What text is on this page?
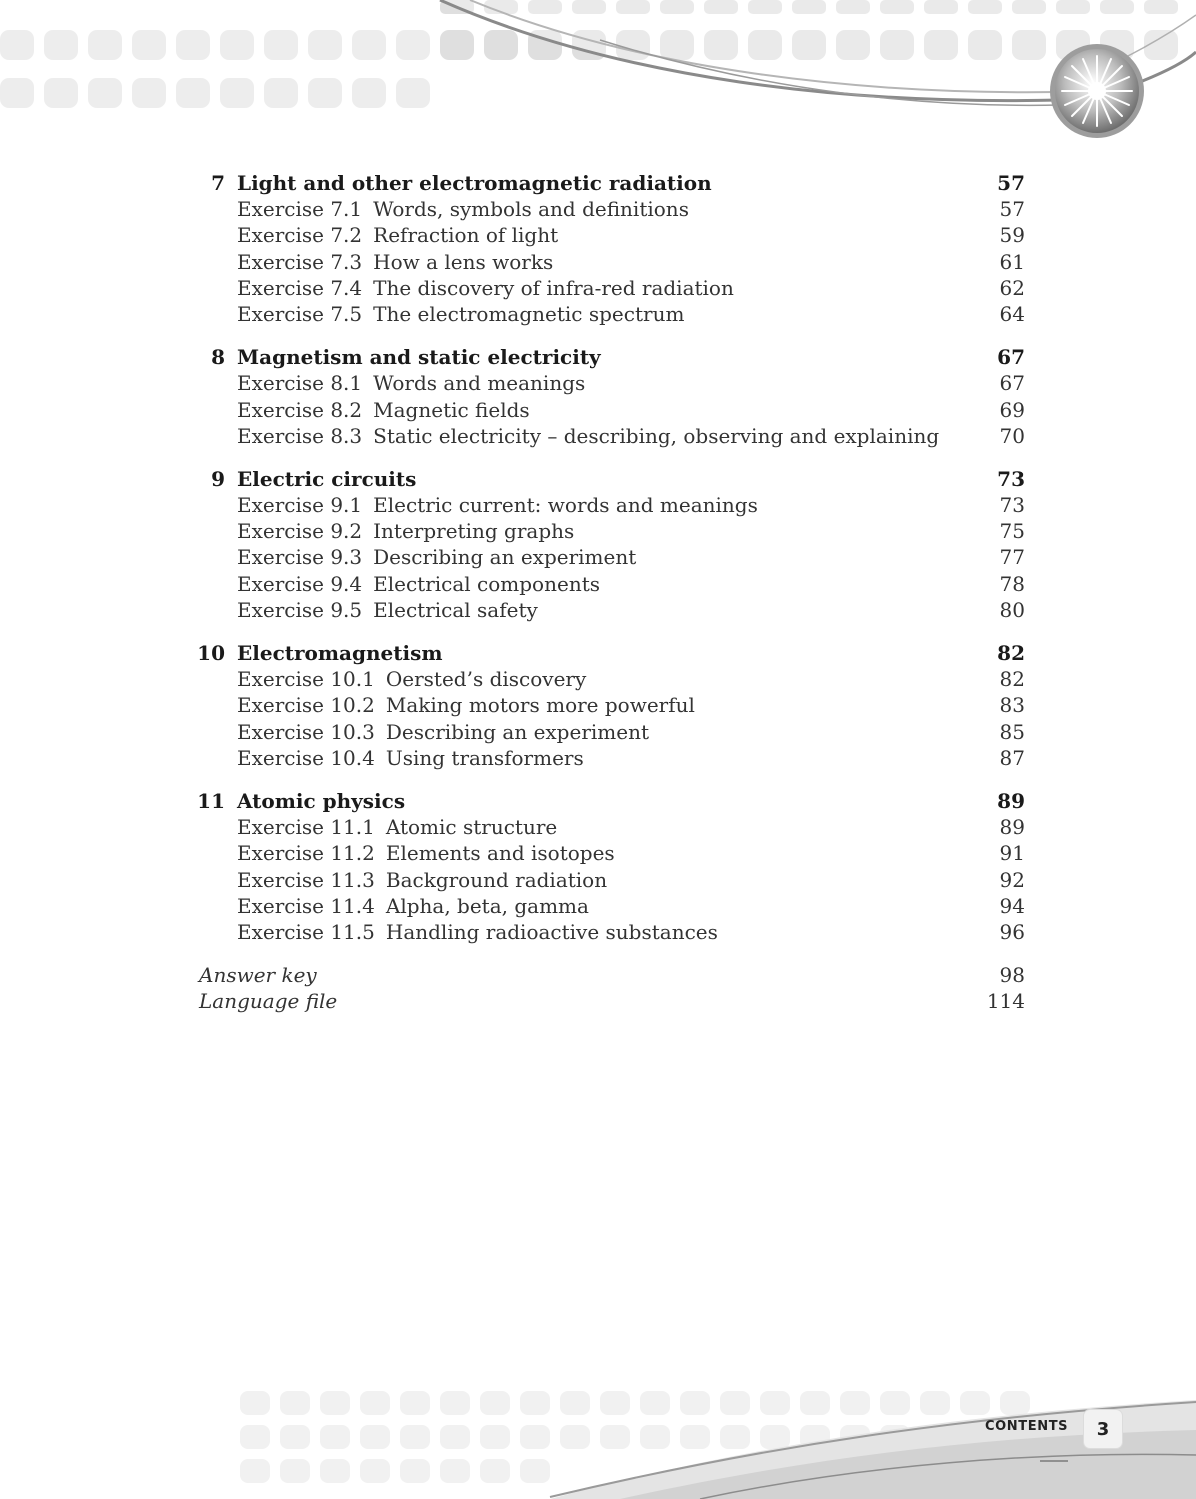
7 Light and other electromagnetic radiation	57
Exercise 7.1 Words, symbols and definitions	57
Exercise 7.2 Refraction of light	59
Exercise 7.3 How a lens works	61
Exercise 7.4 The discovery of infra-red radiation	62
Exercise 7.5 The electromagnetic spectrum	64
8 Magnetism and static electricity	67
Exercise 8.1 Words and meanings	67
Exercise 8.2 Magnetic fields	69
Exercise 8.3 Static electricity – describing, observing and explaining	70
9 Electric circuits	73
Exercise 9.1 Electric current: words and meanings	73
Exercise 9.2 Interpreting graphs	75
Exercise 9.3 Describing an experiment	77
Exercise 9.4 Electrical components	78
Exercise 9.5 Electrical safety	80
10 Electromagnetism	82
Exercise 10.1 Oersted’s discovery	82
Exercise 10.2 Making motors more powerful	83
Exercise 10.3 Describing an experiment	85
Exercise 10.4 Using transformers	87
11 Atomic physics	89
Exercise 11.1 Atomic structure	89
Exercise 11.2 Elements and isotopes	91
Exercise 11.3 Background radiation	92
Exercise 11.4 Alpha, beta, gamma	94
Exercise 11.5 Handling radioactive substances	96
Answer key	98
Language file	114
CONTENTS	3
